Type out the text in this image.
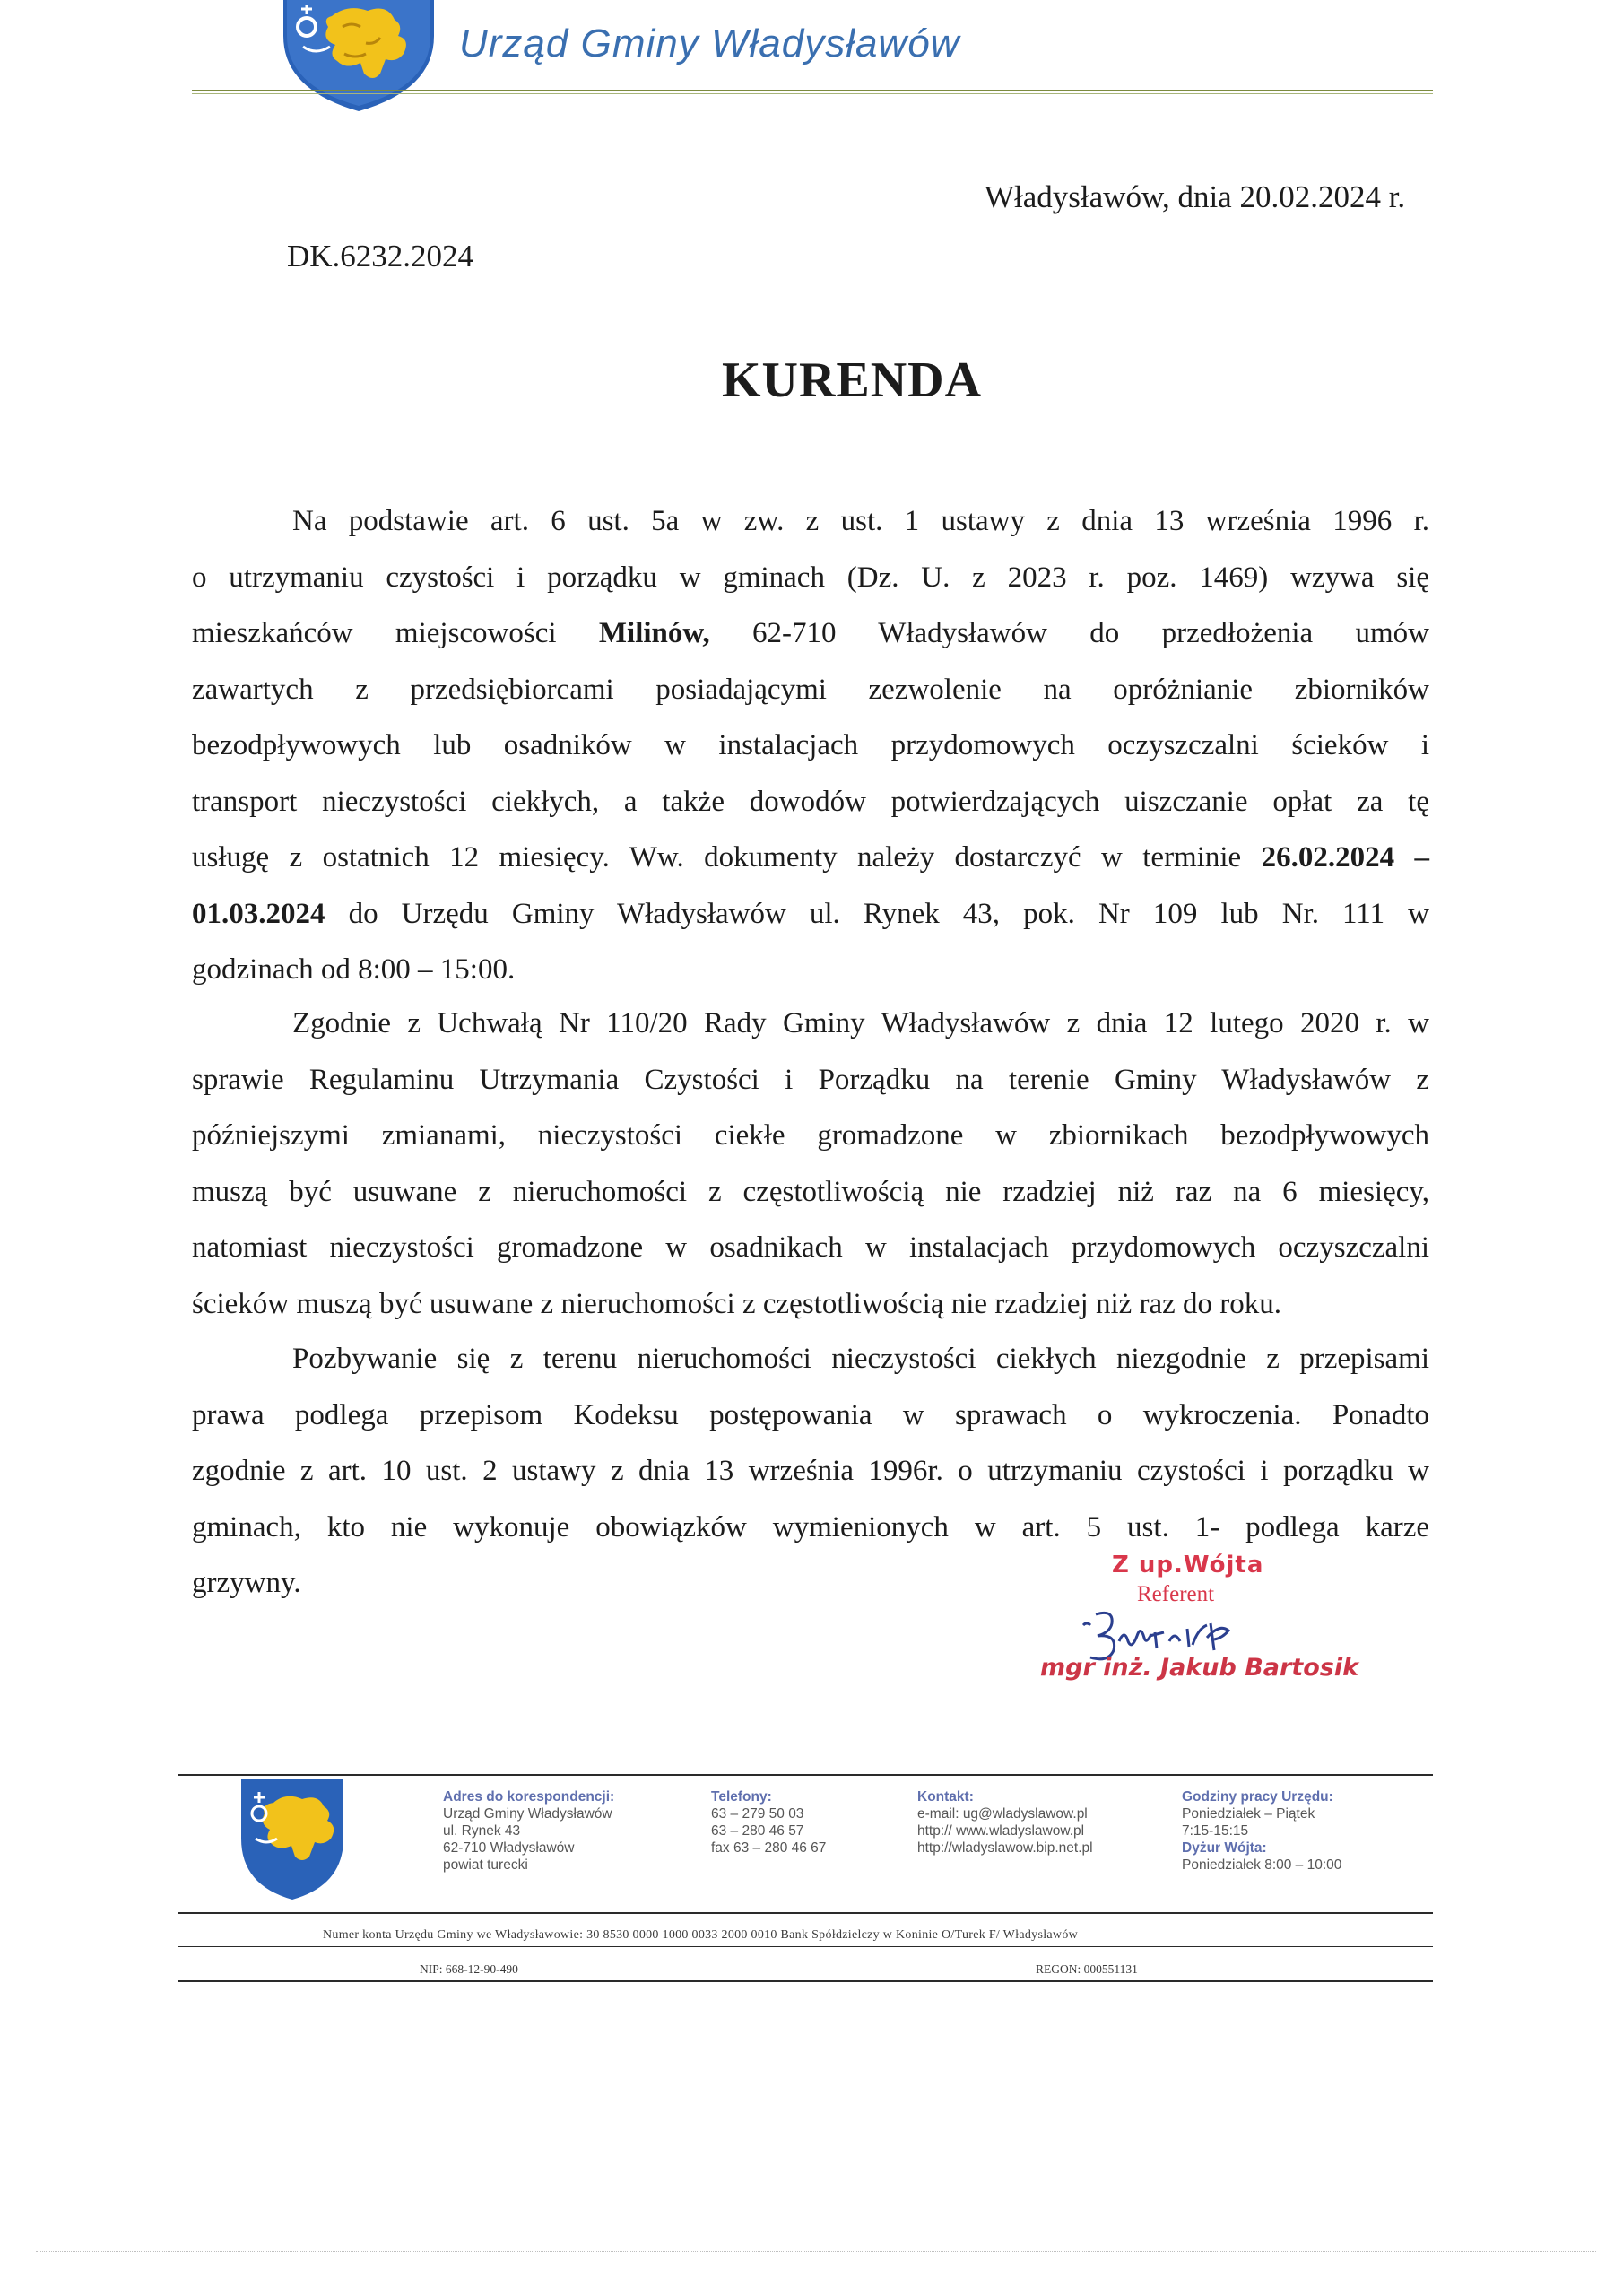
Urząd Gminy Władysławów
Władysławów, dnia 20.02.2024 r.
DK.6232.2024
KURENDA
Na podstawie art. 6 ust. 5a w zw. z ust. 1 ustawy z dnia 13 września 1996 r.
o utrzymaniu czystości i porządku w gminach (Dz. U. z 2023 r. poz. 1469) wzywa się
mieszkańców miejscowości Milinów, 62-710 Władysławów do przedłożenia umów
zawartych z przedsiębiorcami posiadającymi zezwolenie na opróżnianie zbiorników
bezodpływowych lub osadników w instalacjach przydomowych oczyszczalni ścieków i
transport nieczystości ciekłych, a także dowodów potwierdzających uiszczanie opłat za tę
usługę z ostatnich 12 miesięcy. Ww. dokumenty należy dostarczyć w terminie 26.02.2024 –
01.03.2024 do Urzędu Gminy Władysławów ul. Rynek 43, pok. Nr 109 lub Nr. 111 w
godzinach od 8:00 – 15:00.
Zgodnie z Uchwałą Nr 110/20 Rady Gminy Władysławów z dnia 12 lutego 2020 r. w
sprawie Regulaminu Utrzymania Czystości i Porządku na terenie Gminy Władysławów z
późniejszymi zmianami, nieczystości ciekłe gromadzone w zbiornikach bezodpływowych
muszą być usuwane z nieruchomości z częstotliwością nie rzadziej niż raz na 6 miesięcy,
natomiast nieczystości gromadzone w osadnikach w instalacjach przydomowych oczyszczalni
ścieków muszą być usuwane z nieruchomości z częstotliwością nie rzadziej niż raz do roku.
Pozbywanie się z terenu nieruchomości nieczystości ciekłych niezgodnie z przepisami
prawa podlega przepisom Kodeksu postępowania w sprawach o wykroczenia. Ponadto
zgodnie z art. 10 ust. 2 ustawy z dnia 13 września 1996r. o utrzymaniu czystości i porządku w
gminach, kto nie wykonuje obowiązków wymienionych w art. 5 ust. 1- podlega karze
grzywny.
Z up.Wójta
Referent
mgr inż. Jakub Bartosik
Adres do korespondencji:
Urząd Gminy Władysławów
ul. Rynek 43
62-710 Władysławów
powiat turecki
Telefony:
63 – 279 50 03
63 – 280 46 57
fax 63 – 280 46 67
Kontakt:
e-mail: ug@wladyslawow.pl
http:// www.wladyslawow.pl
http://wladyslawow.bip.net.pl
Godziny pracy Urzędu:
Poniedziałek – Piątek
7:15-15:15
Dyżur Wójta:
Poniedziałek 8:00 – 10:00
Numer konta Urzędu Gminy we Władysławowie: 30 8530 0000 1000 0033 2000 0010 Bank Spółdzielczy w Koninie O/Turek F/ Władysławów
NIP: 668-12-90-490	REGON: 000551131
